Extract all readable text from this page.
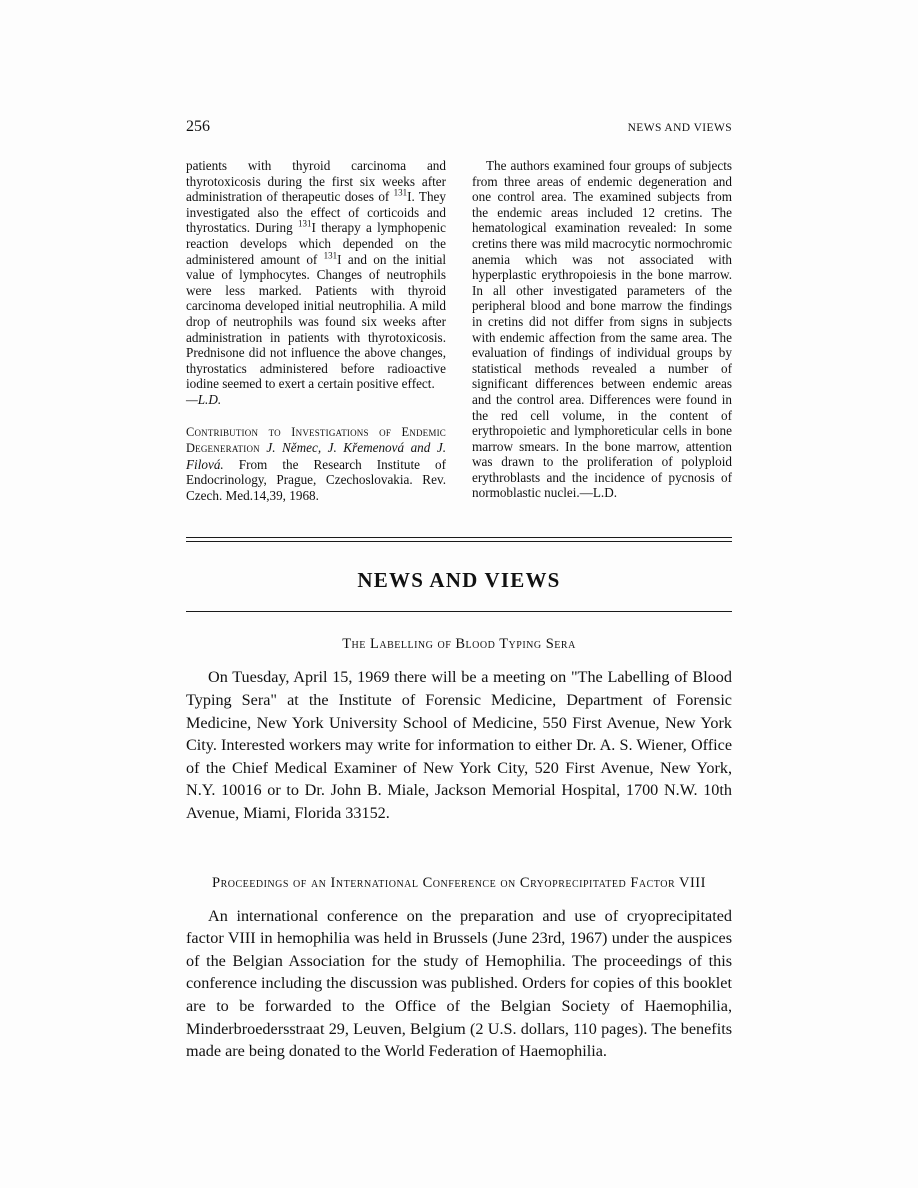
256	NEWS AND VIEWS

patients with thyroid carcinoma and thyrotoxicosis during the first six weeks after administration of therapeutic doses of $^{131}$I. They investigated also the effect of corticoids and thyrostatics. During $^{131}$I therapy a lymphopenic reaction develops which depended on the administered amount of $^{131}$I and on the initial value of lymphocytes. Changes of neutrophils were less marked. Patients with thyroid carcinoma developed initial neutrophilia. A mild drop of neutrophils was found six weeks after administration in patients with thyrotoxicosis. Prednisone did not influence the above changes, thyrostatics administered before radioactive iodine seemed to exert a certain positive effect.

—L.D.

Contribution to Investigations of Endemic Degeneration J. Němec, J. Křemenová and J. Filová. From the Research Institute of Endocrinology, Prague, Czechoslovakia. Rev. Czech. Med.14,39, 1968.

The authors examined four groups of subjects from three areas of endemic degeneration and one control area. The examined subjects from the endemic areas included 12 cretins. The hematological examination revealed: In some cretins there was mild macrocytic normochromic anemia which was not associated with hyperplastic erythropoiesis in the bone marrow. In all other investigated parameters of the peripheral blood and bone marrow the findings in cretins did not differ from signs in subjects with endemic affection from the same area. The evaluation of findings of individual groups by statistical methods revealed a number of significant differences between endemic areas and the control area. Differences were found in the red cell volume, in the content of erythropoietic and lymphoreticular cells in bone marrow smears. In the bone marrow, attention was drawn to the proliferation of polyploid erythroblasts and the incidence of pycnosis of normoblastic nuclei.—L.D.

NEWS AND VIEWS
The Labelling of Blood Typing Sera
On Tuesday, April 15, 1969 there will be a meeting on "The Labelling of Blood Typing Sera" at the Institute of Forensic Medicine, Department of Forensic Medicine, New York University School of Medicine, 550 First Avenue, New York City. Interested workers may write for information to either Dr. A. S. Wiener, Office of the Chief Medical Examiner of New York City, 520 First Avenue, New York, N.Y. 10016 or to Dr. John B. Miale, Jackson Memorial Hospital, 1700 N.W. 10th Avenue, Miami, Florida 33152.
Proceedings of an International Conference on Cryoprecipitated Factor VIII
An international conference on the preparation and use of cryoprecipitated factor VIII in hemophilia was held in Brussels (June 23rd, 1967) under the auspices of the Belgian Association for the study of Hemophilia. The proceedings of this conference including the discussion was published. Orders for copies of this booklet are to be forwarded to the Office of the Belgian Society of Haemophilia, Minderbroedersstraat 29, Leuven, Belgium (2 U.S. dollars, 110 pages). The benefits made are being donated to the World Federation of Haemophilia.
